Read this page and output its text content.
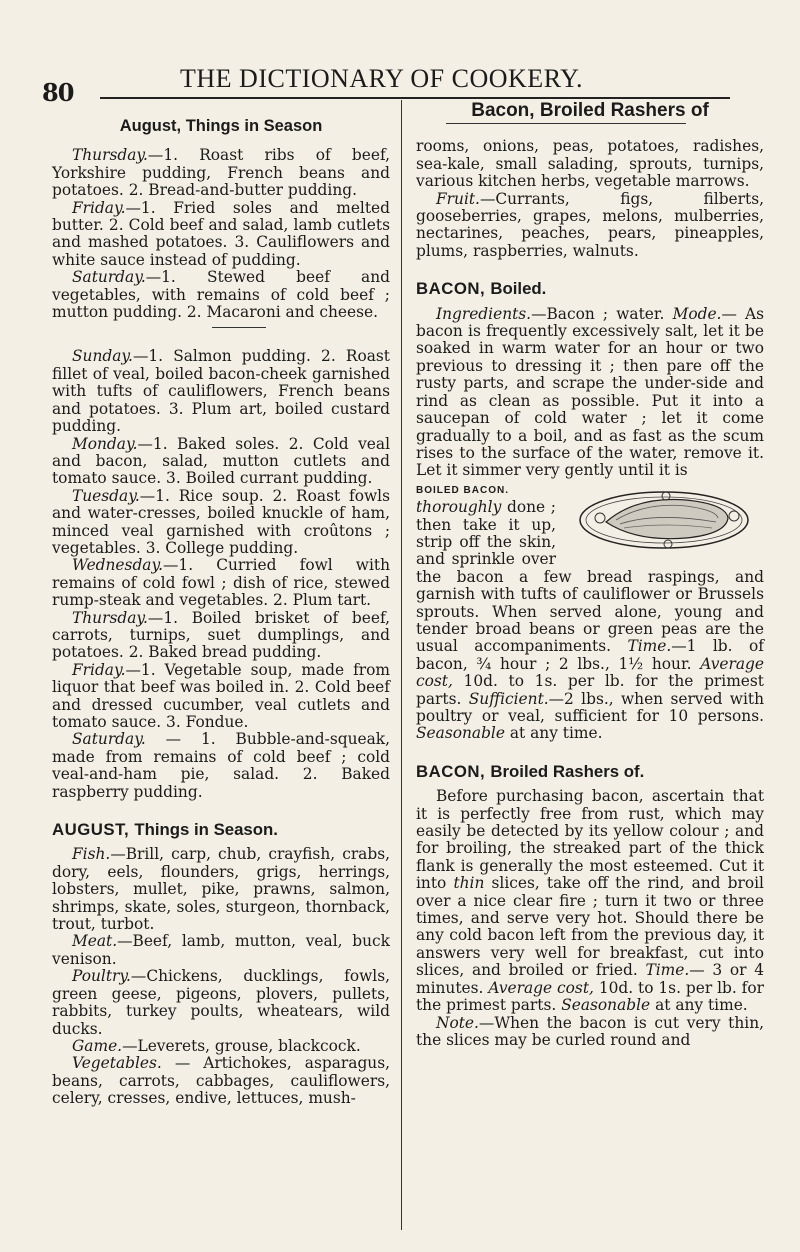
80	THE DICTIONARY OF COOKERY.
August, Things in Season

Thursday.—1. Roast ribs of beef, Yorkshire pudding, French beans and potatoes. 2. Bread-and-butter pudding.

Friday.—1. Fried soles and melted butter. 2. Cold beef and salad, lamb cutlets and mashed potatoes. 3. Cauliflowers and white sauce instead of pudding.

Saturday.—1. Stewed beef and vegetables, with remains of cold beef ; mutton pudding. 2. Macaroni and cheese.

Sunday.—1. Salmon pudding. 2. Roast fillet of veal, boiled bacon-cheek garnished with tufts of cauliflowers, French beans and potatoes. 3. Plum art, boiled custard pudding.

Monday.—1. Baked soles. 2. Cold veal and bacon, salad, mutton cutlets and tomato sauce. 3. Boiled currant pudding.

Tuesday.—1. Rice soup. 2. Roast fowls and water-cresses, boiled knuckle of ham, minced veal garnished with croûtons ; vegetables. 3. College pudding.

Wednesday.—1. Curried fowl with remains of cold fowl ; dish of rice, stewed rump-steak and vegetables. 2. Plum tart.

Thursday.—1. Boiled brisket of beef, carrots, turnips, suet dumplings, and potatoes. 2. Baked bread pudding.

Friday.—1. Vegetable soup, made from liquor that beef was boiled in. 2. Cold beef and dressed cucumber, veal cutlets and tomato sauce. 3. Fondue.

Saturday. — 1. Bubble-and-squeak, made from remains of cold beef ; cold veal-and-ham pie, salad. 2. Baked raspberry pudding.

AUGUST, Things in Season.

Fish.—Brill, carp, chub, crayfish, crabs, dory, eels, flounders, grigs, herrings, lobsters, mullet, pike, prawns, salmon, shrimps, skate, soles, sturgeon, thornback, trout, turbot.

Meat.—Beef, lamb, mutton, veal, buck venison.

Poultry.—Chickens, ducklings, fowls, green geese, pigeons, plovers, pullets, rabbits, turkey poults, wheatears, wild ducks.

Game.—Leverets, grouse, blackcock.

Vegetables. — Artichokes, asparagus, beans, carrots, cabbages, cauliflowers, celery, cresses, endive, lettuces, mush-

Bacon, Broiled Rashers of

rooms, onions, peas, potatoes, radishes, sea-kale, small salading, sprouts, turnips, various kitchen herbs, vegetable marrows.

Fruit.—Currants, figs, filberts, gooseberries, grapes, melons, mulberries, nectarines, peaches, pears, pineapples, plums, raspberries, walnuts.

BACON, Boiled.

Ingredients.—Bacon ; water. Mode.— As bacon is frequently excessively salt, let it be soaked in warm water for an hour or two previous to dressing it ; then pare off the rusty parts, and scrape the under-side and rind as clean as possible. Put it into a saucepan of cold water ; let it come gradually to a boil, and as fast as the scum rises to the surface of the water, remove it. Let it simmer very gently until it is

BOILED BACON.
thoroughly done ; then take it up, strip off the skin, and sprinkle over the bacon a few bread raspings, and garnish with tufts of cauliflower or Brussels sprouts. When served alone, young and tender broad beans or green peas are the usual accompaniments. Time.—1 lb. of bacon, ¾ hour ; 2 lbs., 1½ hour. Average cost, 10d. to 1s. per lb. for the primest parts. Sufficient.—2 lbs., when served with poultry or veal, sufficient for 10 persons. Seasonable at any time.

BACON, Broiled Rashers of.

Before purchasing bacon, ascertain that it is perfectly free from rust, which may easily be detected by its yellow colour ; and for broiling, the streaked part of the thick flank is generally the most esteemed. Cut it into thin slices, take off the rind, and broil over a nice clear fire ; turn it two or three times, and serve very hot. Should there be any cold bacon left from the previous day, it answers very well for breakfast, cut into slices, and broiled or fried. Time.— 3 or 4 minutes. Average cost, 10d. to 1s. per lb. for the primest parts. Seasonable at any time.

Note.—When the bacon is cut very thin, the slices may be curled round and
